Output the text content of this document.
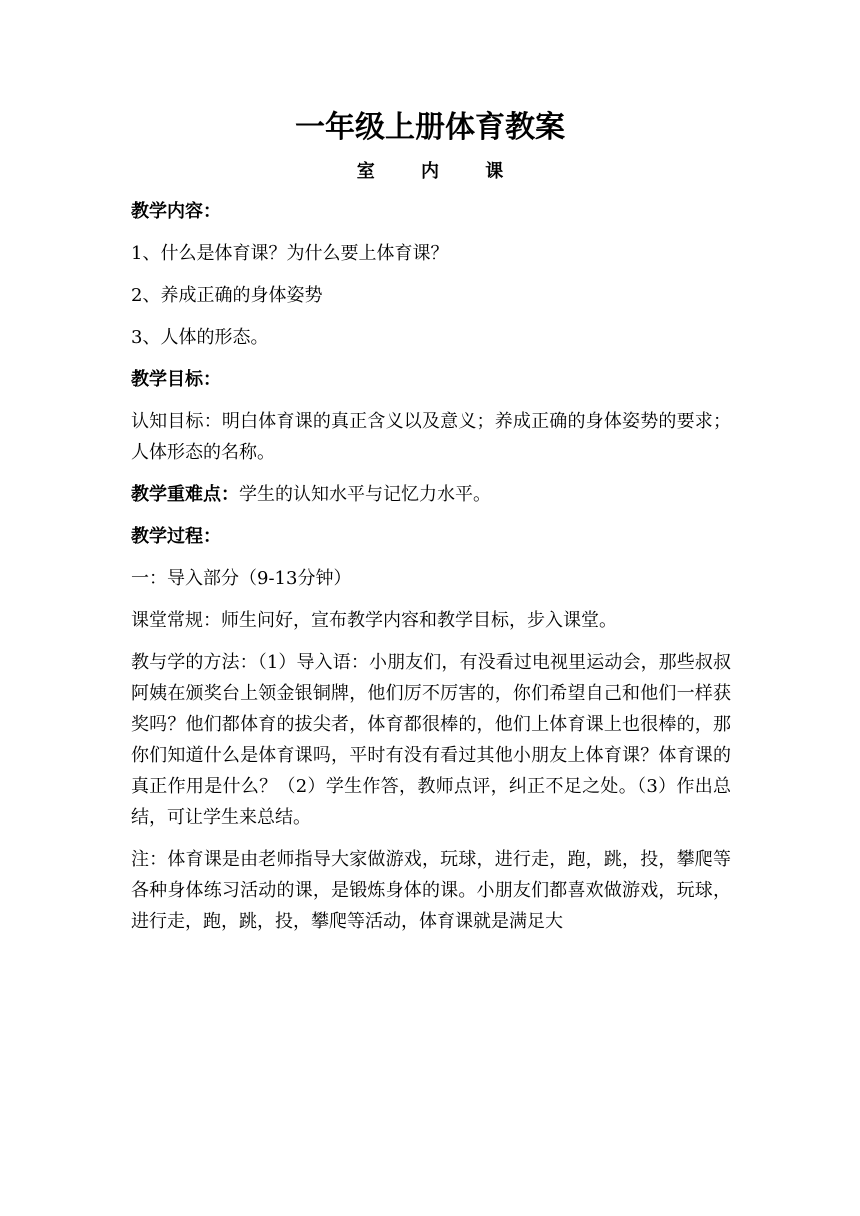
一年级上册体育教案
室 内 课

教学内容：

1、什么是体育课？为什么要上体育课？

2、养成正确的身体姿势

3、人体的形态。

教学目标：

认知目标：明白体育课的真正含义以及意义；养成正确的身体姿势的要求；人体形态的名称。

教学重难点：学生的认知水平与记忆力水平。

教学过程：

一：导入部分（9-13分钟）

课堂常规：师生问好，宣布教学内容和教学目标，步入课堂。

教与学的方法：（1）导入语：小朋友们，有没看过电视里运动会，那些叔叔阿姨在颁奖台上领金银铜牌，他们厉不厉害的，你们希望自己和他们一样获奖吗？他们都体育的拔尖者，体育都很棒的，他们上体育课上也很棒的，那你们知道什么是体育课吗，平时有没有看过其他小朋友上体育课？体育课的真正作用是什么？（2）学生作答，教师点评，纠正不足之处。（3）作出总结，可让学生来总结。

注：体育课是由老师指导大家做游戏，玩球，进行走，跑，跳，投，攀爬等各种身体练习活动的课，是锻炼身体的课。小朋友们都喜欢做游戏，玩球，进行走，跑，跳，投，攀爬等活动，体育课就是满足大
